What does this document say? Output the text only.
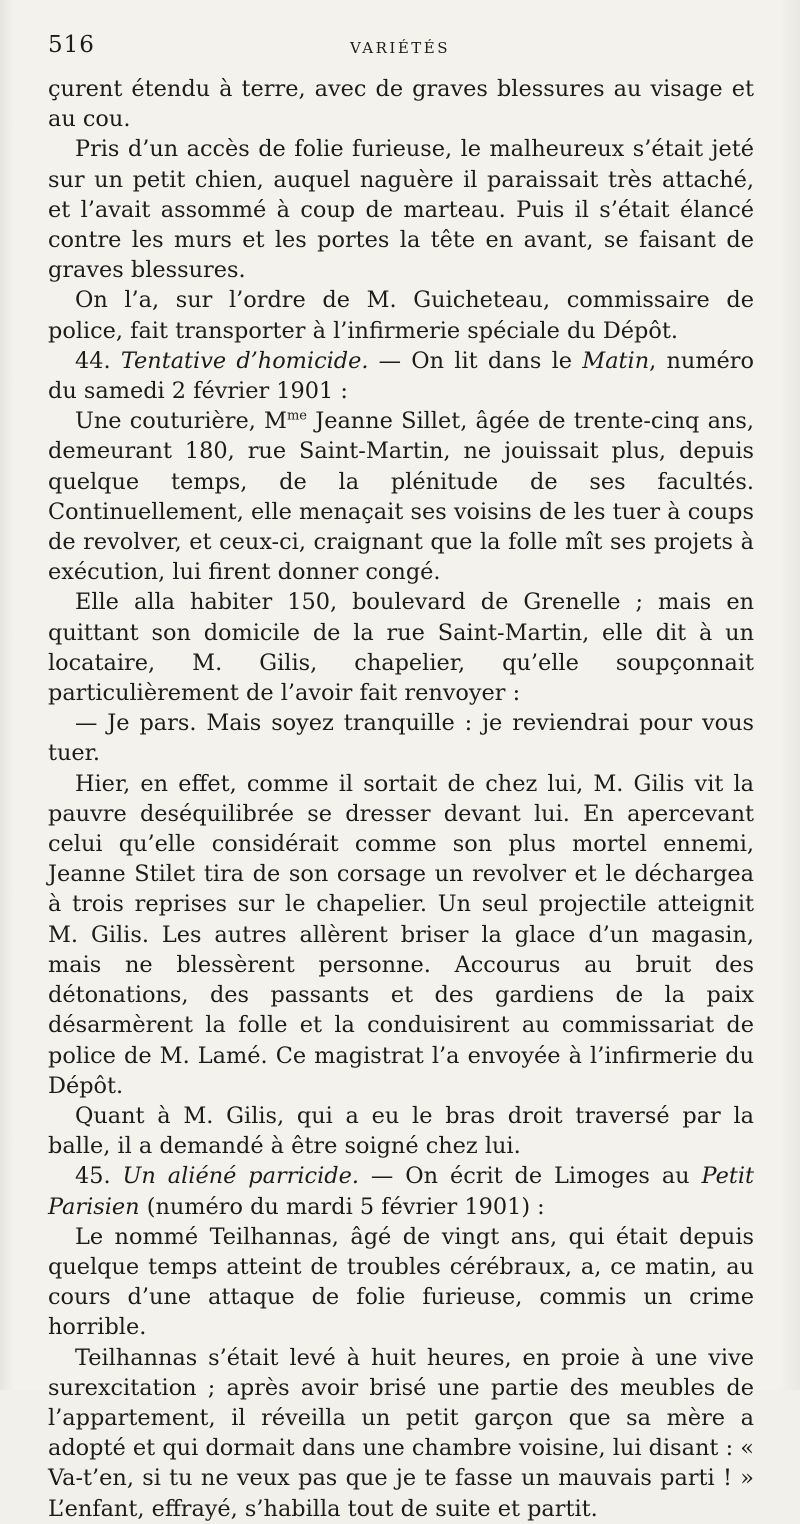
516	VARIÉTÉS

çurent étendu à terre, avec de graves blessures au visage et au cou.

Pris d’un accès de folie furieuse, le malheureux s’était jeté sur un petit chien, auquel naguère il paraissait très attaché, et l’avait assommé à coup de marteau. Puis il s’était élancé contre les murs et les portes la tête en avant, se faisant de graves blessures.

On l’a, sur l’ordre de M. Guicheteau, commissaire de police, fait transporter à l’infirmerie spéciale du Dépôt.

44. Tentative d’homicide. — On lit dans le Matin, numéro du samedi 2 février 1901 :

Une couturière, $M^{me}$ Jeanne Sillet, âgée de trente-cinq ans, demeurant 180, rue Saint-Martin, ne jouissait plus, depuis quelque temps, de la plénitude de ses facultés. Continuellement, elle menaçait ses voisins de les tuer à coups de revolver, et ceux-ci, craignant que la folle mît ses projets à exécution, lui firent donner congé.

Elle alla habiter 150, boulevard de Grenelle ; mais en quittant son domicile de la rue Saint-Martin, elle dit à un locataire, M. Gilis, chapelier, qu’elle soupçonnait particulièrement de l’avoir fait renvoyer :

— Je pars. Mais soyez tranquille : je reviendrai pour vous tuer.

Hier, en effet, comme il sortait de chez lui, M. Gilis vit la pauvre deséquilibrée se dresser devant lui. En apercevant celui qu’elle considérait comme son plus mortel ennemi, Jeanne Stilet tira de son corsage un revolver et le déchargea à trois reprises sur le chapelier. Un seul projectile atteignit M. Gilis. Les autres allèrent briser la glace d’un magasin, mais ne blessèrent personne. Accourus au bruit des détonations, des passants et des gardiens de la paix désarmèrent la folle et la conduisirent au commissariat de police de M. Lamé. Ce magistrat l’a envoyée à l’infirmerie du Dépôt.

Quant à M. Gilis, qui a eu le bras droit traversé par la balle, il a demandé à être soigné chez lui.

45. Un aliéné parricide. — On écrit de Limoges au Petit Parisien (numéro du mardi 5 février 1901) :

Le nommé Teilhannas, âgé de vingt ans, qui était depuis quelque temps atteint de troubles cérébraux, a, ce matin, au cours d’une attaque de folie furieuse, commis un crime horrible.

Teilhannas s’était levé à huit heures, en proie à une vive surexcitation ; après avoir brisé une partie des meubles de l’appartement, il réveilla un petit garçon que sa mère a adopté et qui dormait dans une chambre voisine, lui disant : « Va-t’en, si tu ne veux pas que je te fasse un mauvais parti ! » L’enfant, effrayé, s’habilla tout de suite et partit.
